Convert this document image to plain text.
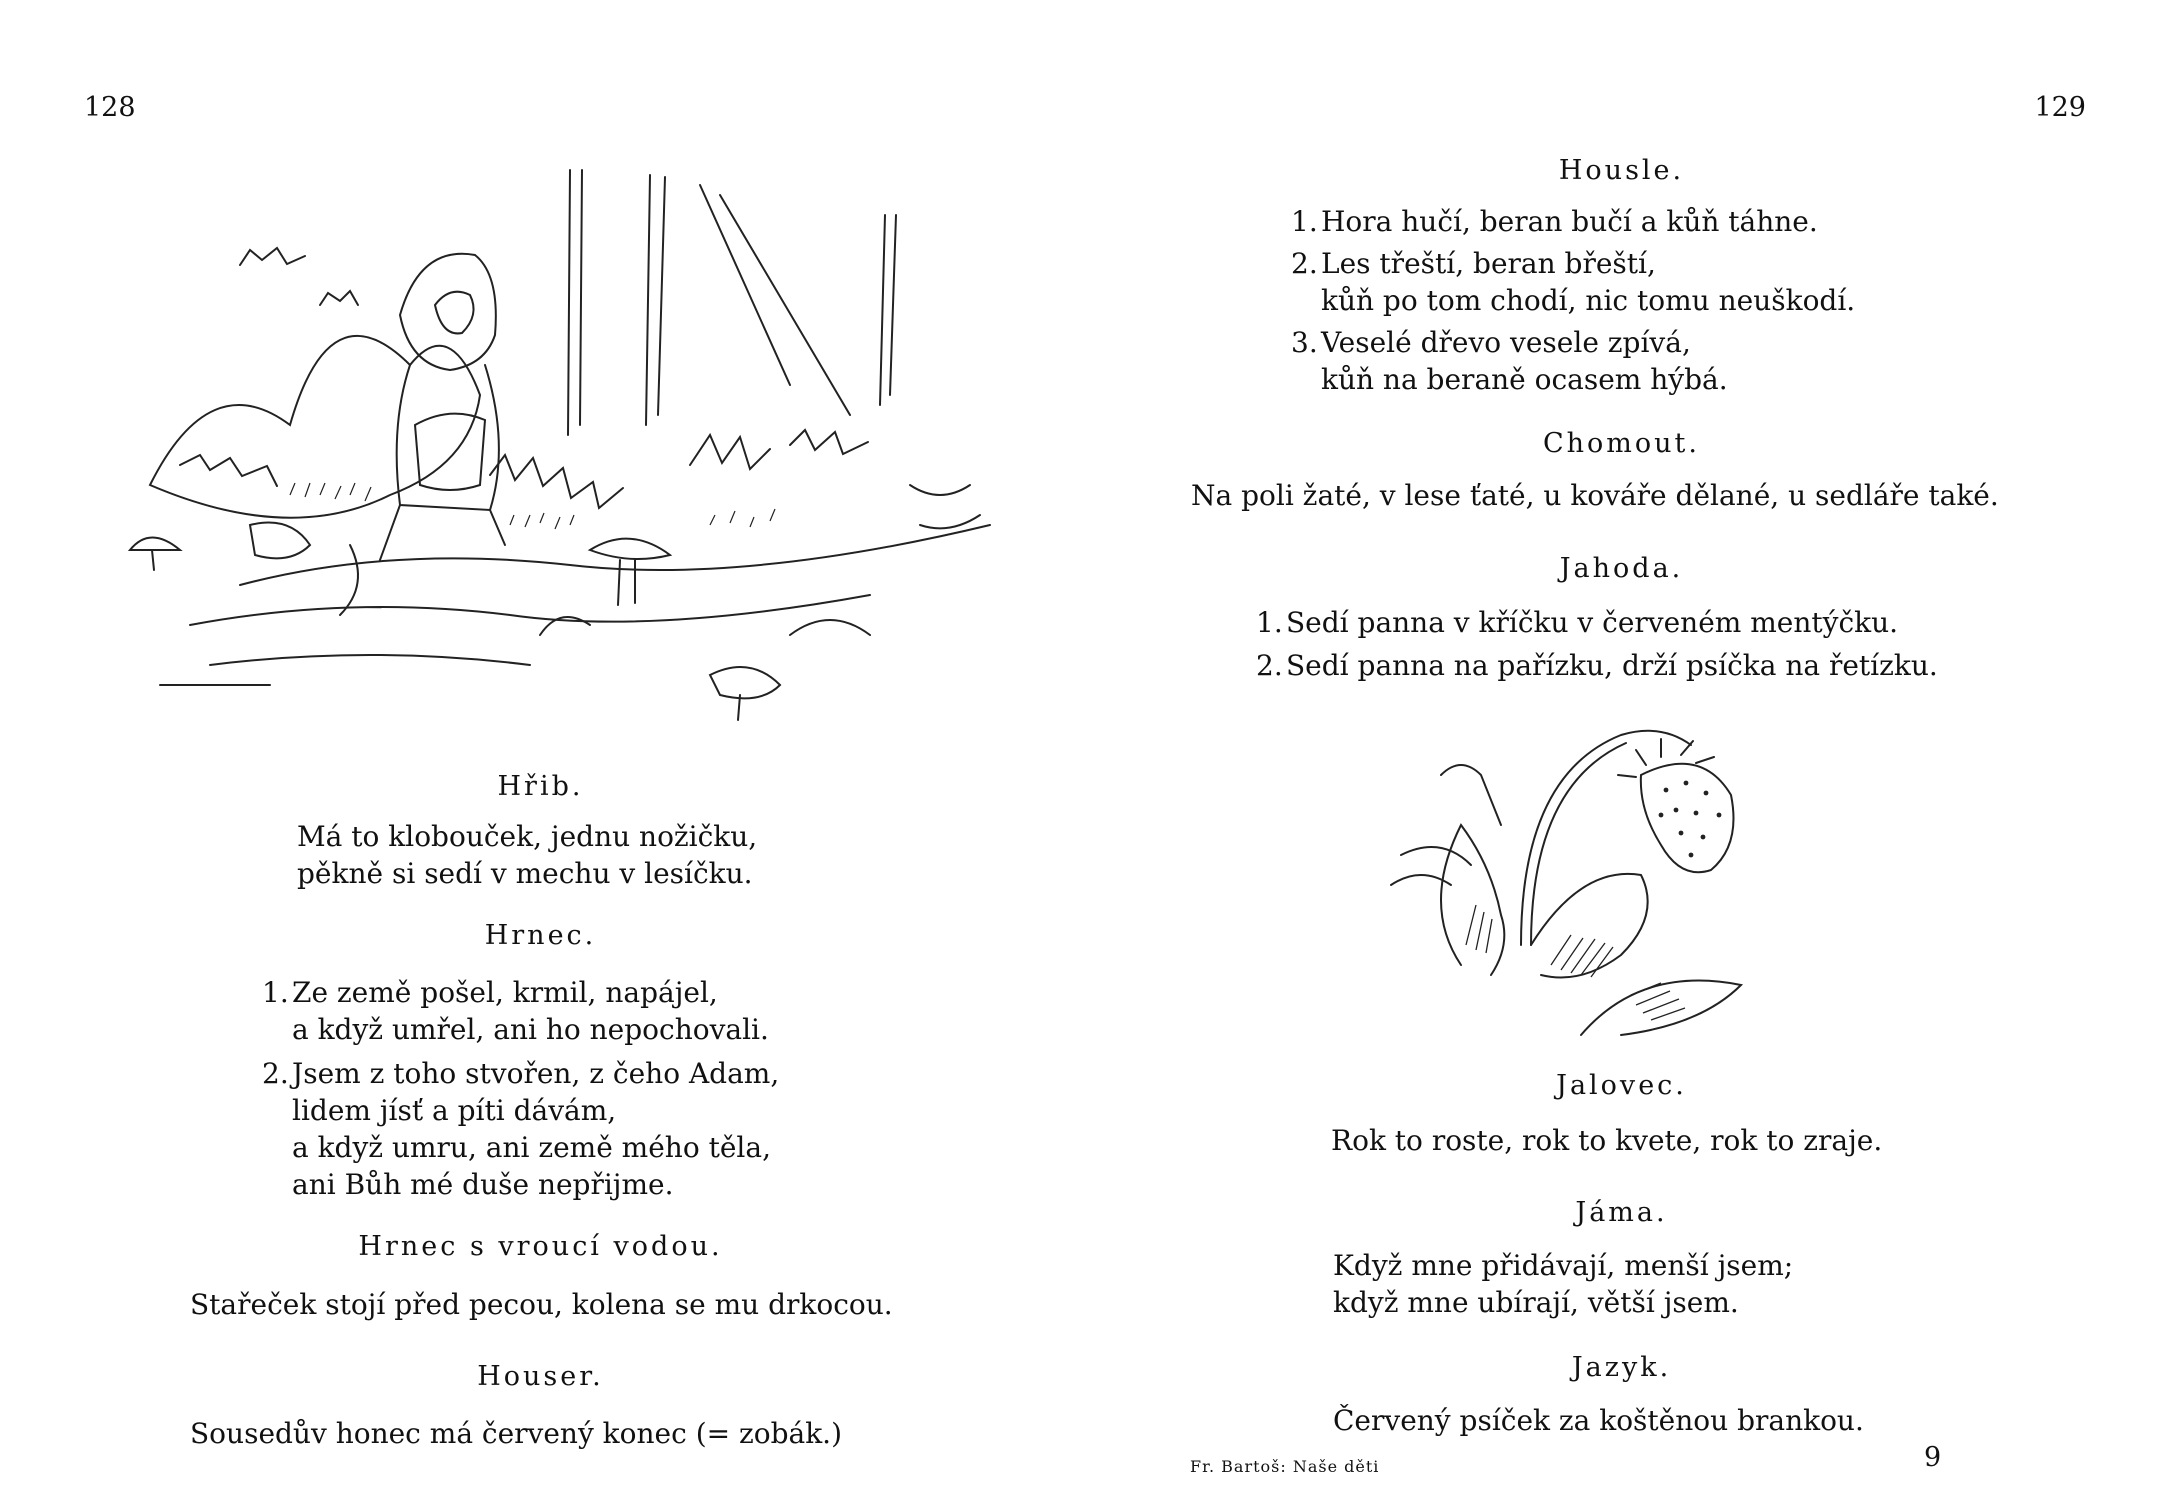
128
Hřib.
Má to klobouček, jednu nožičku,
pěkně si sedí v mechu v lesíčku.
Hrnec.
1. Ze země pošel, krmil, napájel,
a když umřel, ani ho nepochovali.
2. Jsem z toho stvořen, z čeho Adam,
lidem jísť a píti dávám,
a když umru, ani země mého těla,
ani Bůh mé duše nepřijme.
Hrnec s vroucí vodou.
Stařeček stojí před pecou, kolena se mu drkocou.
Houser.
Sousedův honec má červený konec (= zobák.)
129
Housle.
1. Hora hučí, beran bučí a kůň táhne.
2. Les třeští, beran břeští,
kůň po tom chodí, nic tomu neuškodí.
3. Veselé dřevo vesele zpívá,
kůň na beraně ocasem hýbá.
Chomout.
Na poli žaté, v lese ťaté, u kováře dělané, u sedláře také.
Jahoda.
1. Sedí panna v kříčku v červeném mentýčku.
2. Sedí panna na pařízku, drží psíčka na řetízku.
Jalovec.
Rok to roste, rok to kvete, rok to zraje.
Jáma.
Když mne přidávají, menší jsem;
když mne ubírají, větší jsem.
Jazyk.
Červený psíček za koštěnou brankou.
Fr. Bartoš: Naše děti	9
